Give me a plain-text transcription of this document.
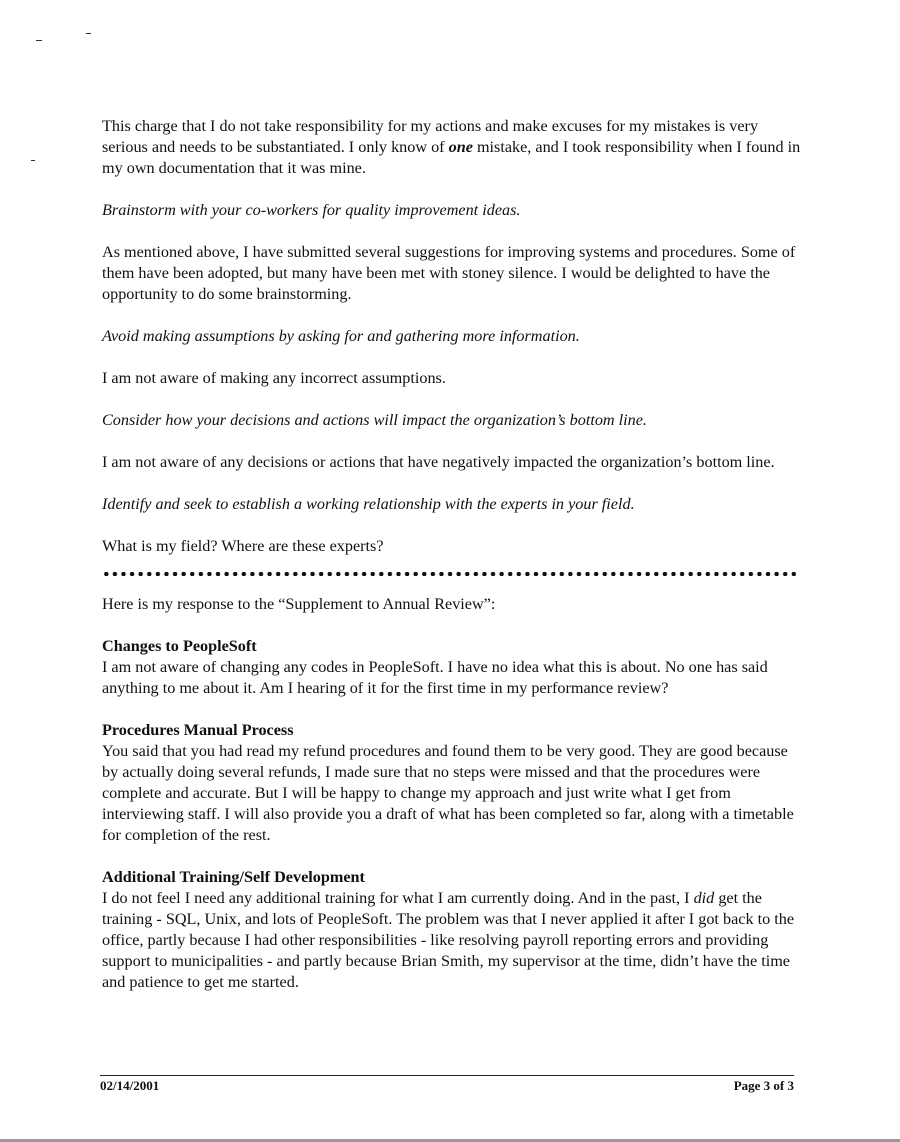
This charge that I do not take responsibility for my actions and make excuses for my mistakes is very serious and needs to be substantiated. I only know of one mistake, and I took responsibility when I found in my own documentation that it was mine.

Brainstorm with your co-workers for quality improvement ideas.

As mentioned above, I have submitted several suggestions for improving systems and procedures. Some of them have been adopted, but many have been met with stoney silence. I would be delighted to have the opportunity to do some brainstorming.

Avoid making assumptions by asking for and gathering more information.

I am not aware of making any incorrect assumptions.

Consider how your decisions and actions will impact the organization’s bottom line.

I am not aware of any decisions or actions that have negatively impacted the organization’s bottom line.

Identify and seek to establish a working relationship with the experts in your field.

What is my field? Where are these experts?

Here is my response to the “Supplement to Annual Review”:

Changes to PeopleSoft

I am not aware of changing any codes in PeopleSoft. I have no idea what this is about. No one has said anything to me about it. Am I hearing of it for the first time in my performance review?

Procedures Manual Process

You said that you had read my refund procedures and found them to be very good. They are good because by actually doing several refunds, I made sure that no steps were missed and that the procedures were complete and accurate. But I will be happy to change my approach and just write what I get from interviewing staff. I will also provide you a draft of what has been completed so far, along with a timetable for completion of the rest.

Additional Training/Self Development

I do not feel I need any additional training for what I am currently doing. And in the past, I did get the training - SQL, Unix, and lots of PeopleSoft. The problem was that I never applied it after I got back to the office, partly because I had other responsibilities - like resolving payroll reporting errors and providing support to municipalities - and partly because Brian Smith, my supervisor at the time, didn’t have the time and patience to get me started.

02/14/2001	Page 3 of 3
